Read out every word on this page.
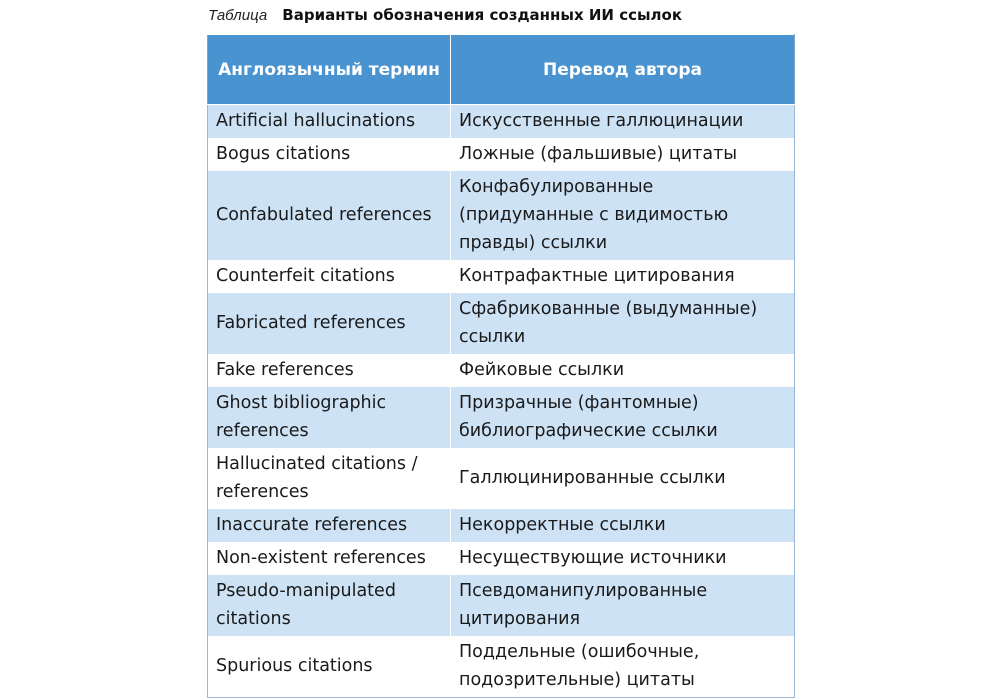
Таблица Варианты обозначения созданных ИИ ссылок
Англоязычный термин	Перевод автора
Artificial hallucinations	Искусственные галлюцинации
Bogus citations	Ложные (фальшивые) цитаты
Confabulated references	Конфабулированные (придуманные с видимостью правды) ссылки
Counterfeit citations	Контрафактные цитирования
Fabricated references	Сфабрикованные (выдуманные) ссылки
Fake references	Фейковые ссылки
Ghost bibliographic references	Призрачные (фантомные) библиографические ссылки
Hallucinated citations / references	Галлюцинированные ссылки
Inaccurate references	Некорректные ссылки
Non-existent references	Несуществующие источники
Pseudo-manipulated citations	Псевдоманипулированные цитирования
Spurious citations	Поддельные (ошибочные, подозрительные) цитаты
